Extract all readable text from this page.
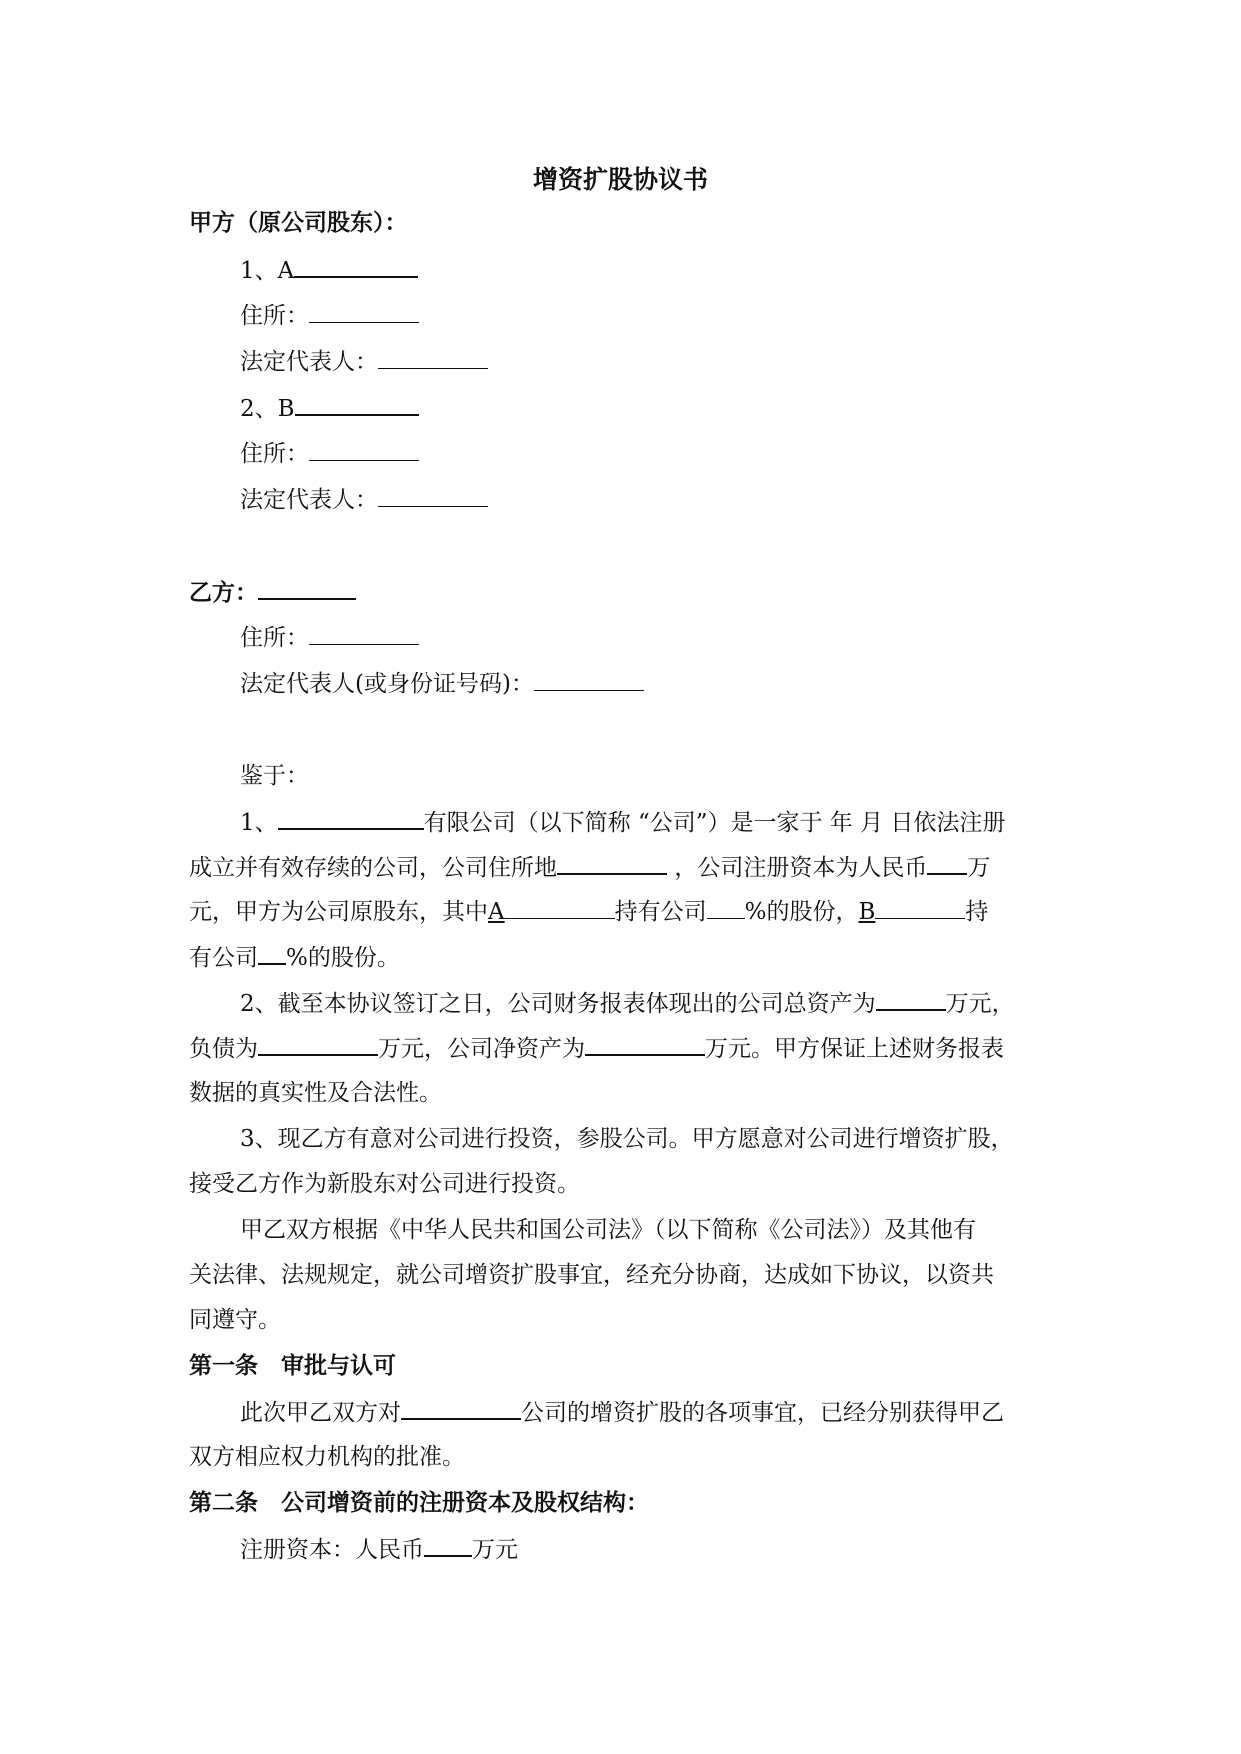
增资扩股协议书
甲方（原公司股东）：
1、A
住所：
法定代表人：
2、B
住所：
法定代表人：
乙方：
住所：
法定代表人(或身份证号码)：
鉴于：
1、	有限公司（以下简称 “公司”）是一家于 年 月 日依法注册
成立并有效存续的公司，公司住所地	，公司注册资本为人民币 万
元，甲方为公司原股东，其中A	持有公司 %的股份，B	持
有公司 %的股份。
2、截至本协议签订之日，公司财务报表体现出的公司总资产为	万元，
负债为	万元，公司净资产为	万元。甲方保证上述财务报表
数据的真实性及合法性。
3、现乙方有意对公司进行投资，参股公司。甲方愿意对公司进行增资扩股，
接受乙方作为新股东对公司进行投资。
甲乙双方根据《中华人民共和国公司法》（以下简称《公司法》）及其他有
关法律、法规规定，就公司增资扩股事宜，经充分协商，达成如下协议，以资共
同遵守。
第一条　审批与认可
此次甲乙双方对	公司的增资扩股的各项事宜，已经分别获得甲乙
双方相应权力机构的批准。
第二条　公司增资前的注册资本及股权结构：
注册资本：人民币 万元
